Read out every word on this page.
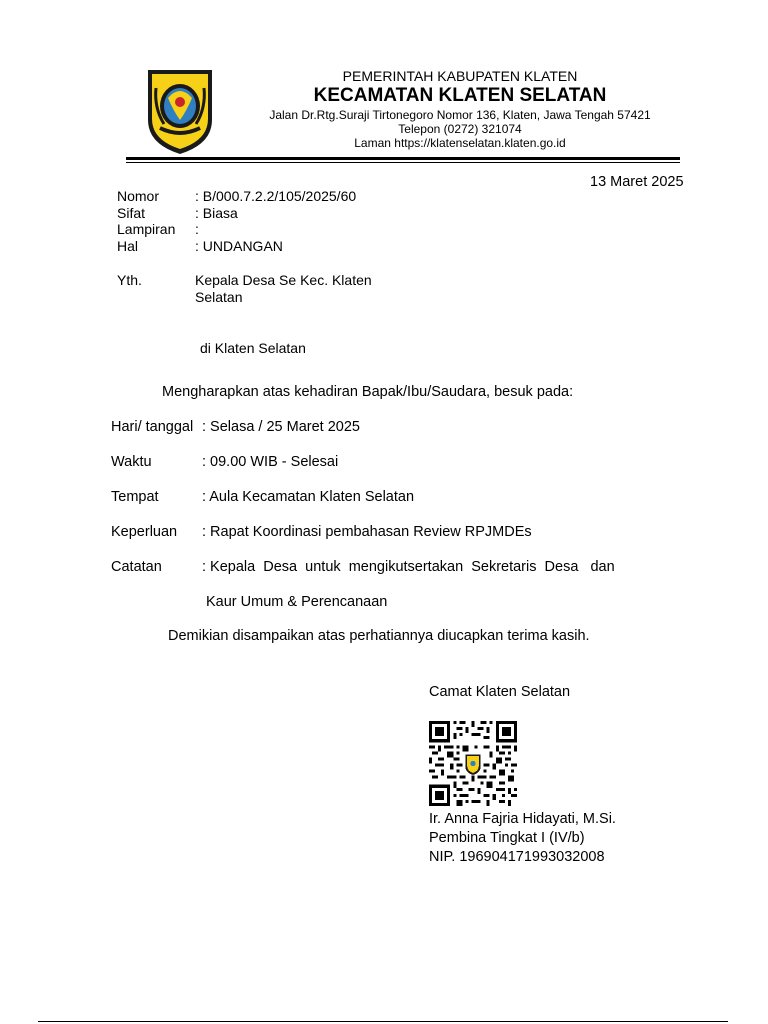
PEMERINTAH KABUPATEN KLATEN
KECAMATAN KLATEN SELATAN
Jalan Dr.Rtg.Suraji Tirtonegoro Nomor 136, Klaten, Jawa Tengah 57421
Telepon (0272) 321074
Laman https://klatenselatan.klaten.go.id
13 Maret 2025
Nomor	: B/000.7.2.2/105/2025/60
Sifat	: Biasa
Lampiran :
Hal	: UNDANGAN
Yth.	Kepala Desa Se Kec. Klaten
Selatan
di Klaten Selatan
Mengharapkan atas kehadiran Bapak/Ibu/Saudara, besuk pada:
Hari/ tanggal : Selasa / 25 Maret 2025
Waktu	: 09.00 WIB - Selesai
Tempat	: Aula Kecamatan Klaten Selatan
Keperluan : Rapat Koordinasi pembahasan Review RPJMDEs
Catatan	: Kepala  Desa  untuk  mengikutsertakan  Sekretaris  Desa   dan
Kaur Umum & Perencanaan
Demikian disampaikan atas perhatiannya diucapkan terima kasih.
Camat Klaten Selatan
Ir. Anna Fajria Hidayati, M.Si.
Pembina Tingkat I (IV/b)
NIP. 196904171993032008
